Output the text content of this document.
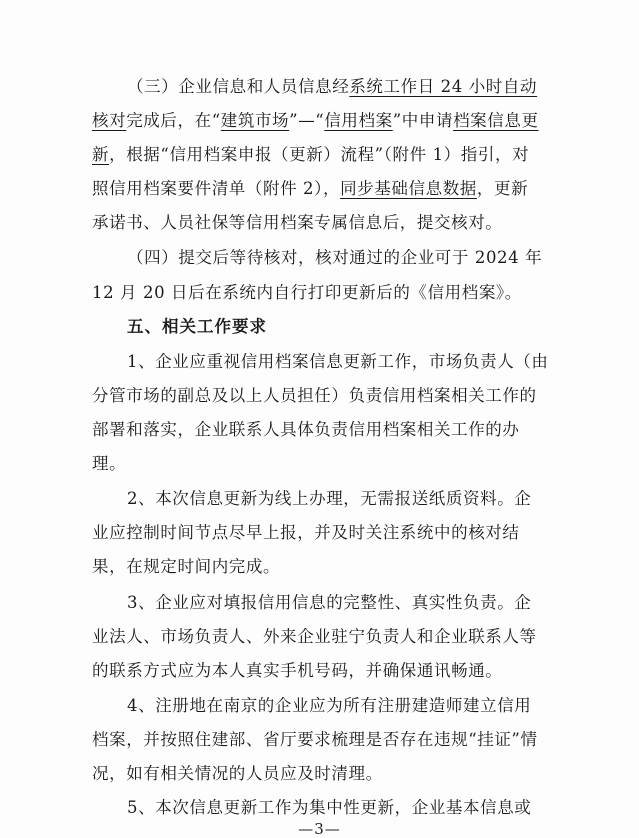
（三）企业信息和人员信息经系统工作日 24 小时自动
核对完成后，在“建筑市场”—“信用档案”中申请档案信息更
新，根据“信用档案申报（更新）流程”（附件 1）指引，对
照信用档案要件清单（附件 2），同步基础信息数据，更新
承诺书、人员社保等信用档案专属信息后，提交核对。
（四）提交后等待核对，核对通过的企业可于 2024 年
12 月 20 日后在系统内自行打印更新后的《信用档案》。
五、相关工作要求
1、企业应重视信用档案信息更新工作，市场负责人（由
分管市场的副总及以上人员担任）负责信用档案相关工作的
部署和落实，企业联系人具体负责信用档案相关工作的办
理。
2、本次信息更新为线上办理，无需报送纸质资料。企
业应控制时间节点尽早上报，并及时关注系统中的核对结
果，在规定时间内完成。
3、企业应对填报信用信息的完整性、真实性负责。企
业法人、市场负责人、外来企业驻宁负责人和企业联系人等
的联系方式应为本人真实手机号码，并确保通讯畅通。
4、注册地在南京的企业应为所有注册建造师建立信用
档案，并按照住建部、省厅要求梳理是否存在违规“挂证”情
况，如有相关情况的人员应及时清理。
5、本次信息更新工作为集中性更新，企业基本信息或
—3—
